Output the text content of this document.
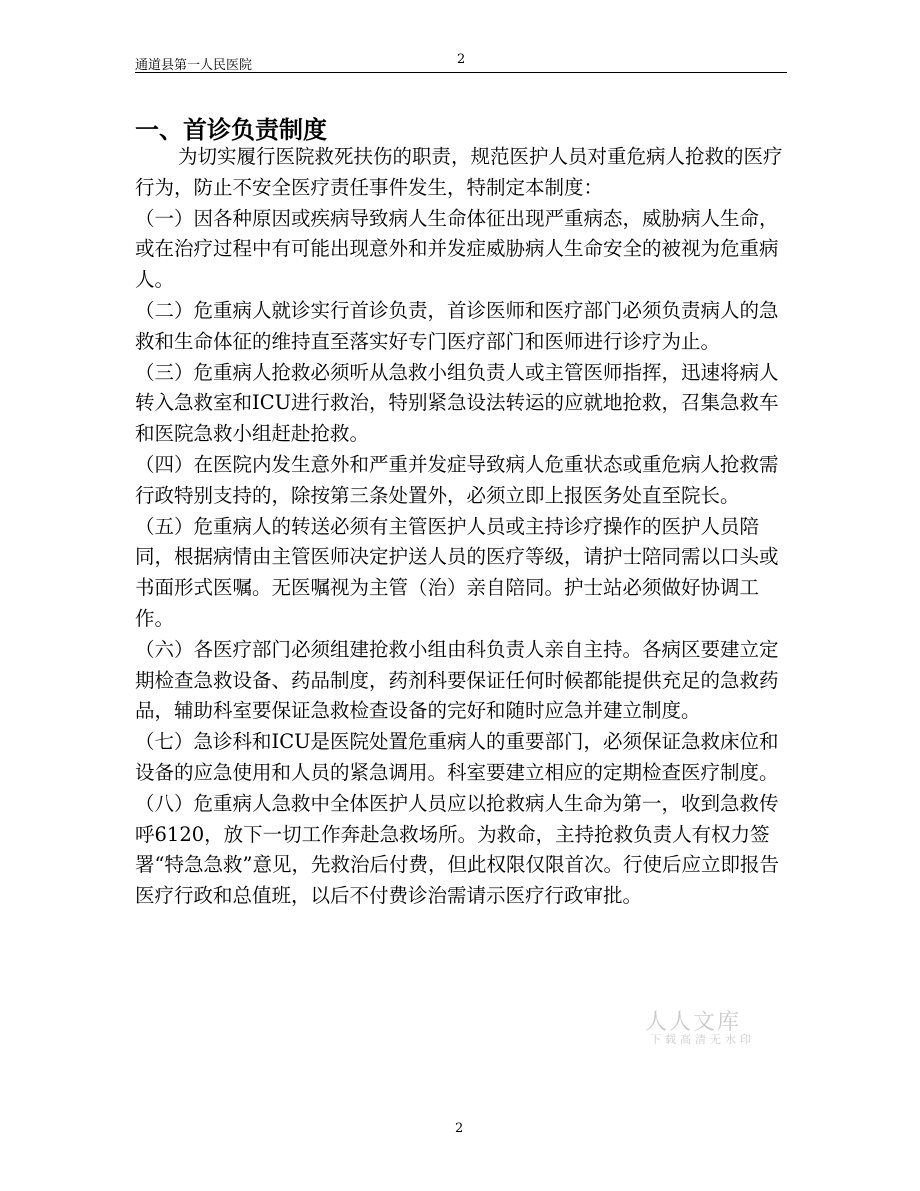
通道县第一人民医院	2
一、首诊负责制度

为切实履行医院救死扶伤的职责，规范医护人员对重危病人抢救的医疗行为，防止不安全医疗责任事件发生，特制定本制度：

（一）因各种原因或疾病导致病人生命体征出现严重病态，威胁病人生命，或在治疗过程中有可能出现意外和并发症威胁病人生命安全的被视为危重病人。

（二）危重病人就诊实行首诊负责，首诊医师和医疗部门必须负责病人的急救和生命体征的维持直至落实好专门医疗部门和医师进行诊疗为止。

（三）危重病人抢救必须听从急救小组负责人或主管医师指挥，迅速将病人转入急救室和ICU进行救治，特别紧急设法转运的应就地抢救，召集急救车和医院急救小组赶赴抢救。

（四）在医院内发生意外和严重并发症导致病人危重状态或重危病人抢救需行政特别支持的，除按第三条处置外，必须立即上报医务处直至院长。

（五）危重病人的转送必须有主管医护人员或主持诊疗操作的医护人员陪同，根据病情由主管医师决定护送人员的医疗等级，请护士陪同需以口头或书面形式医嘱。无医嘱视为主管（治）亲自陪同。护士站必须做好协调工作。

（六）各医疗部门必须组建抢救小组由科负责人亲自主持。各病区要建立定期检查急救设备、药品制度，药剂科要保证任何时候都能提供充足的急救药品，辅助科室要保证急救检查设备的完好和随时应急并建立制度。

（七）急诊科和ICU是医院处置危重病人的重要部门，必须保证急救床位和设备的应急使用和人员的紧急调用。科室要建立相应的定期检查医疗制度。

（八）危重病人急救中全体医护人员应以抢救病人生命为第一，收到急救传呼6120，放下一切工作奔赴急救场所。为救命，主持抢救负责人有权力签署“特急急救”意见，先救治后付费，但此权限仅限首次。行使后应立即报告医疗行政和总值班，以后不付费诊治需请示医疗行政审批。

人人文库
下载高清无水印
2
